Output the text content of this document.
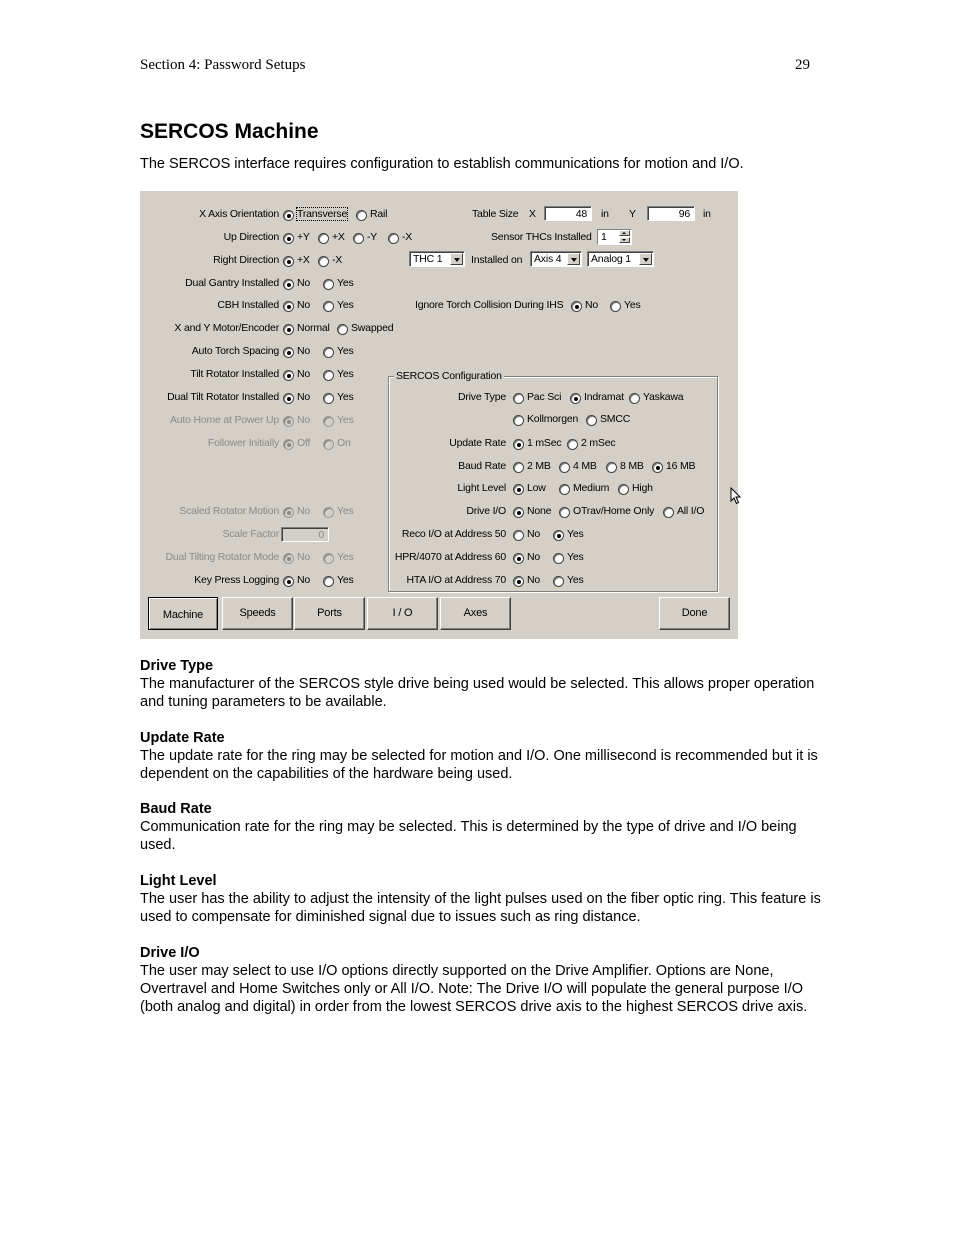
Section 4: Password Setups	29
SERCOS Machine

The SERCOS interface requires configuration to establish communications for motion and I/O.

X Axis Orientation Transverse Rail
Up Direction +Y +X -Y -X
Right Direction +X -X
Dual Gantry Installed No	Yes
CBH Installed No	Yes
X and Y Motor/Encoder Normal Swapped
Auto Torch Spacing No	Yes
Tilt Rotator Installed No	Yes
Dual Tilt Rotator Installed No	Yes
Auto Home at Power Up No	Yes
Follower Initially Off	On
Scaled Rotator Motion No	Yes
Dual Tilting Rotator Mode No	Yes
Key Press Logging No	Yes
Scale Factor	0
Table Size X	48	in Y	96	in
Sensor THCs Installed 1
THC 1	Installed on	Axis 4	Analog 1
Ignore Torch Collision During IHS No Yes
SERCOS Configuration
Drive Type Pac Sci Indramat Yaskawa
Kollmorgen SMCC
Update Rate 1 mSec 2 mSec
Baud Rate 2 MB 4 MB 8 MB 16 MB
Light Level Low	Medium High
Drive I/O None OTrav/Home Only All I/O
Reco I/O at Address 50 No	Yes
HPR/4070 at Address 60 No	Yes
HTA I/O at Address 70 No	Yes
Machine	Speeds	Ports	I / O	Axes	Done
Drive Type

The manufacturer of the SERCOS style drive being used would be selected. This allows proper operation and tuning parameters to be available.

Update Rate

The update rate for the ring may be selected for motion and I/O. One millisecond is recommended but it is dependent on the capabilities of the hardware being used.

Baud Rate

Communication rate for the ring may be selected. This is determined by the type of drive and I/O being used.

Light Level

The user has the ability to adjust the intensity of the light pulses used on the fiber optic ring. This feature is used to compensate for diminished signal due to issues such as ring distance.

Drive I/O

The user may select to use I/O options directly supported on the Drive Amplifier. Options are None, Overtravel and Home Switches only or All I/O. Note: The Drive I/O will populate the general purpose I/O (both analog and digital) in order from the lowest SERCOS drive axis to the highest SERCOS drive axis.
